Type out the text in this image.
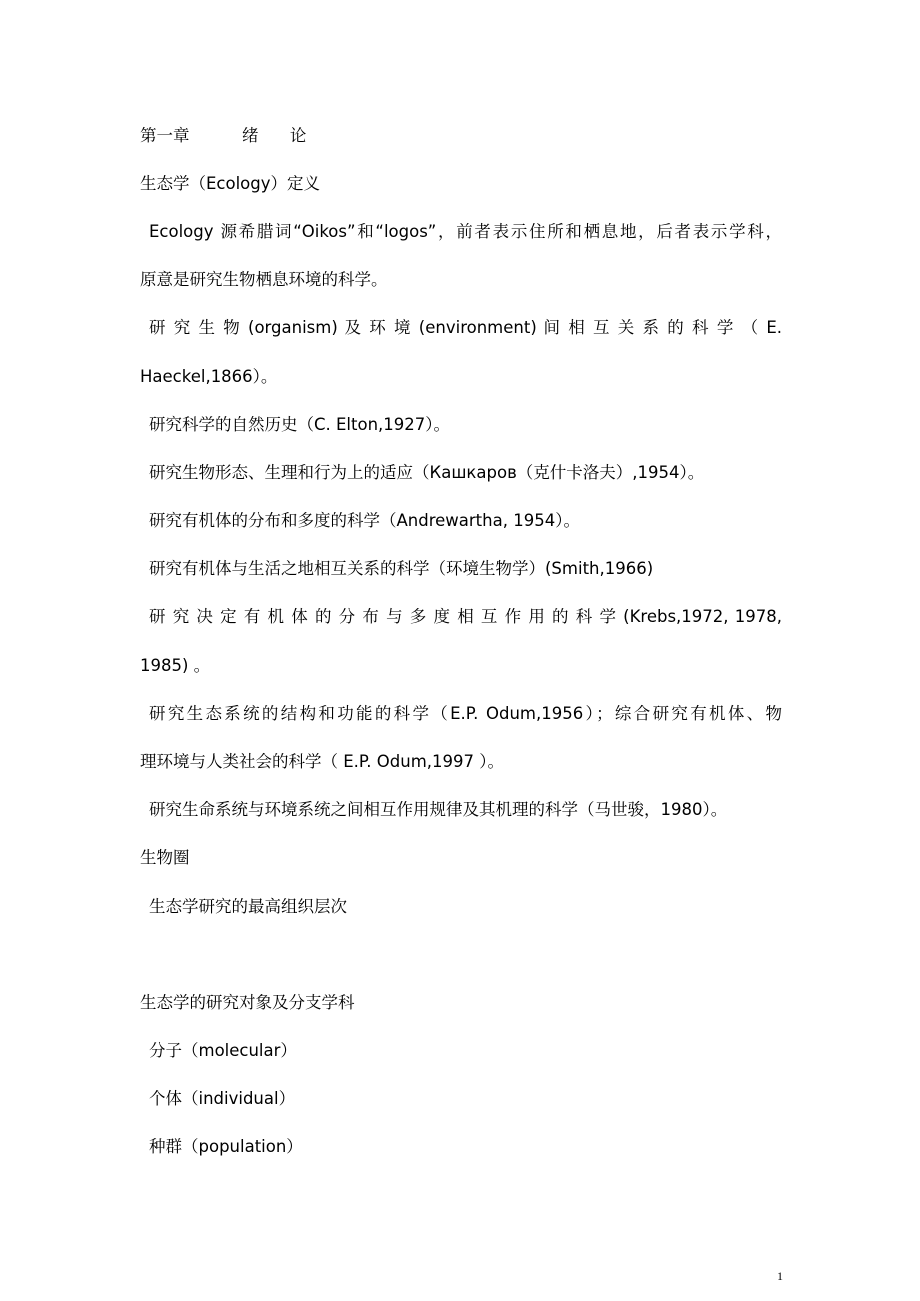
第一章          绪      论
生态学（Ecology）定义
Ecology 源希腊词“Oikos”和“logos”，前者表示住所和栖息地，后者表示学科，
原意是研究生物栖息环境的科学。
研 究 生 物 (organism) 及 环 境 (environment) 间 相 互 关 系 的 科 学 （ E.
Haeckel,1866）。
研究科学的自然历史（C. Elton,1927）。
研究生物形态、生理和行为上的适应（Кашкаров（克什卡洛夫）,1954）。
研究有机体的分布和多度的科学（Andrewartha, 1954）。
研究有机体与生活之地相互关系的科学（环境生物学）(Smith,1966)
研 究 决 定 有 机 体 的 分 布 与 多 度 相 互 作 用 的 科 学 (Krebs,1972, 1978,
1985) 。
研究生态系统的结构和功能的科学（E.P. Odum,1956）；综合研究有机体、物
理环境与人类社会的科学（ E.P. Odum,1997 ）。
研究生命系统与环境系统之间相互作用规律及其机理的科学（马世骏，1980）。
生物圈
生态学研究的最高组织层次
生态学的研究对象及分支学科
分子（molecular）
个体（individual）
种群（population）
1
